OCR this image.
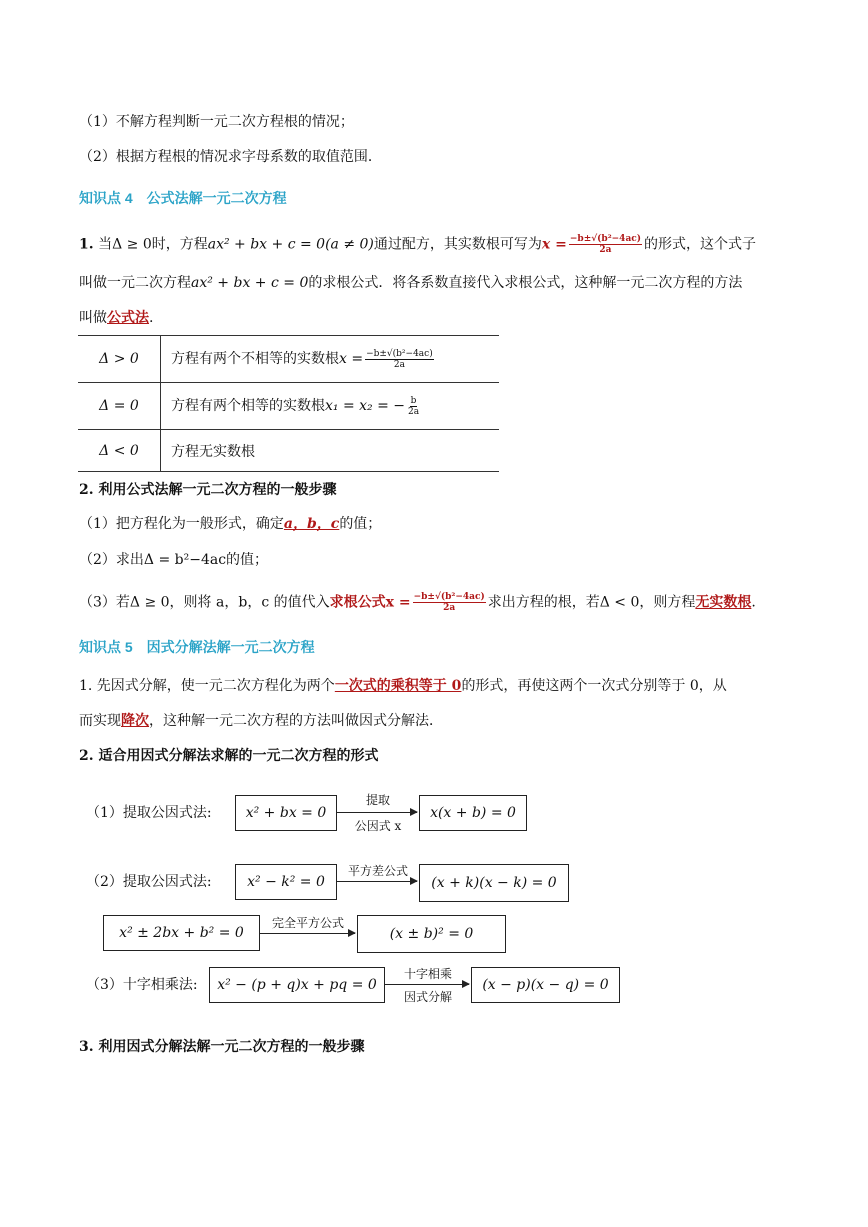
（1）不解方程判断一元二次方程根的情况；
（2）根据方程根的情况求字母系数的取值范围．
知识点 4　公式法解一元二次方程
1. 当Δ ≥ 0时，方程ax² + bx + c = 0(a ≠ 0)通过配方，其实数根可写为$x = \frac{\text{−b±√(b²−4ac)}}{2a}$ 的形式，这个式子
叫做一元二次方程ax² + bx + c = 0的求根公式．将各系数直接代入求根公式，这种解一元二次方程的方法
叫做公式法.
Δ > 0	方程有两个不相等的实数根$x = \frac{\text{−b±√(b²−4ac)}}{2a}$

Δ = 0	方程有两个相等的实数根x₁ = x₂ = − $\frac{b}{2a}$

Δ < 0	方程无实数根
2. 利用公式法解一元二次方程的一般步骤
（1）把方程化为一般形式，确定a，b，c的值；
（2）求出Δ = b²−4ac的值；
（3）若Δ ≥ 0，则将 a，b，c 的值代入求根公式$x = \frac{\text{−b±√(b²−4ac)}}{2a}$ 求出方程的根，若Δ < 0，则方程无实数根.
知识点 5　因式分解法解一元二次方程
1. 先因式分解，使一元二次方程化为两个一次式的乘积等于 0的形式，再使这两个一次式分别等于 0，从
而实现降次，这种解一元二次方程的方法叫做因式分解法．
2. 适合用因式分解法求解的一元二次方程的形式
（1）提取公因式法:	x² + bx = 0
提取
公因式 x
x(x + b) = 0
（2）提取公因式法:	x² − k² = 0
平方差公式
(x + k)(x − k) = 0
x² ± 2bx + b² = 0
完全平方公式
(x ± b)² = 0
（3）十字相乘法:	x² − (p + q)x + pq = 0
十字相乘
因式分解
(x − p)(x − q) = 0
3. 利用因式分解法解一元二次方程的一般步骤
